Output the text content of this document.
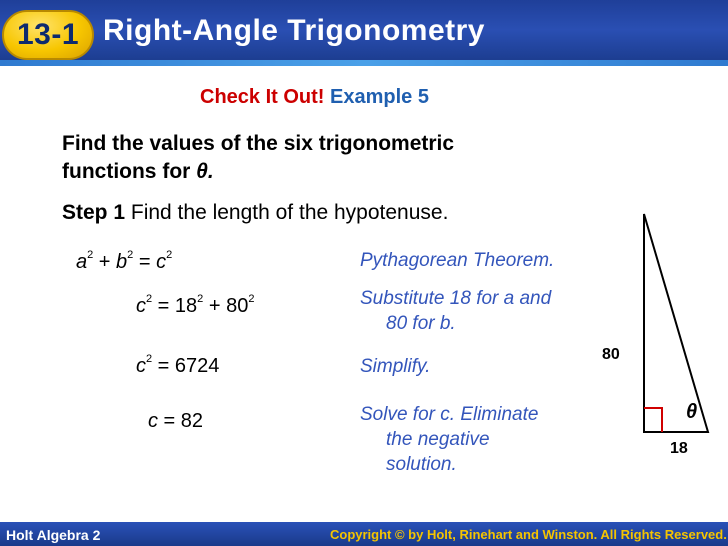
13-1 Right-Angle Trigonometry
Check It Out! Example 5
Find the values of the six trigonometric
functions for θ.
Step 1 Find the length of the hypotenuse.
$a^2 + b^2 = c^2$
$c^2 = 18^2 + 80^2$
$c^2 = 6724$
c = 82
Pythagorean Theorem.
Substitute 18 for a and
80 for b.
Simplify.
Solve for c. Eliminate
the negative
solution.
80
18
θ
Holt Algebra 2	Copyright © by Holt, Rinehart and Winston. All Rights Reserved.
